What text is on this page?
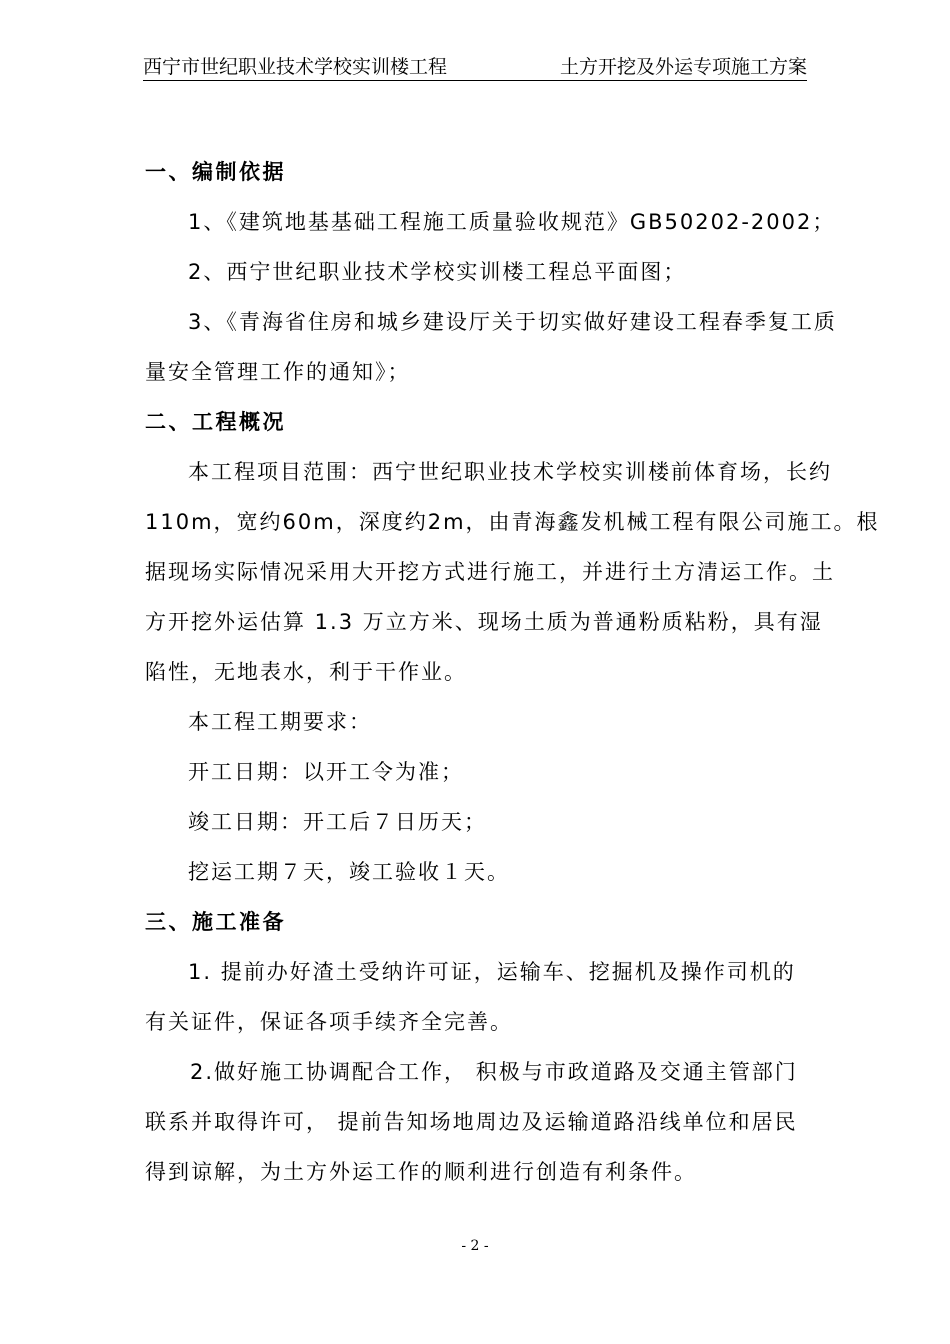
西宁市世纪职业技术学校实训楼工程	土方开挖及外运专项施工方案
一、编制依据
1、《建筑地基基础工程施工质量验收规范》GB50202-2002；
2、西宁世纪职业技术学校实训楼工程总平面图；
3、《青海省住房和城乡建设厅关于切实做好建设工程春季复工质
量安全管理工作的通知》；
二、工程概况
本工程项目范围：西宁世纪职业技术学校实训楼前体育场，长约
110m，宽约60m，深度约2m，由青海鑫发机械工程有限公司施工。根
据现场实际情况采用大开挖方式进行施工，并进行土方清运工作。土
方开挖外运估算 1.3 万立方米、现场土质为普通粉质粘粉，具有湿
陷性，无地表水，利于干作业。
本工程工期要求：
开工日期：以开工令为准；
竣工日期：开工后７日历天；
挖运工期７天，竣工验收１天。
三、施工准备
1. 提前办好渣土受纳许可证，运输车、挖掘机及操作司机的
有关证件，保证各项手续齐全完善。
2.做好施工协调配合工作， 积极与市政道路及交通主管部门
联系并取得许可， 提前告知场地周边及运输道路沿线单位和居民
得到谅解，为土方外运工作的顺利进行创造有利条件。
- 2 -
